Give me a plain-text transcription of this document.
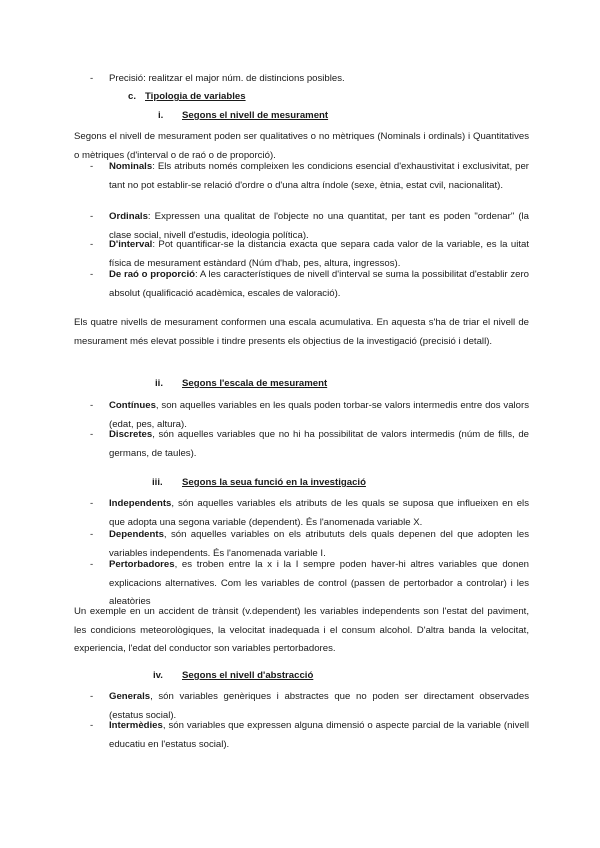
- Precisió: realitzar el major núm. de distincions posibles.
c. Tipologia de variables
i. Segons el nivell de mesurament
Segons el nivell de mesurament poden ser qualitatives o no mètriques (Nominals i ordinals) i Quantitatives o mètriques (d'interval o de raó o de proporció).
- Nominals: Els atributs només compleixen les condicions esencial d'exhaustivitat i exclusivitat, per tant no pot establir-se relació d'ordre o d'una altra índole (sexe, ètnia, estat cvil, nacionalitat).
- Ordinals: Expressen una qualitat de l'objecte no una quantitat, per tant es poden "ordenar" (la clase social, nivell d'estudis, ideologia política).
- D'interval: Pot quantificar-se la distancia exacta que separa cada valor de la variable, es la uitat física de mesurament estàndard (Núm d'hab, pes, altura, ingressos).
- De raó o proporció: A les característiques de nivell d'interval se suma la possibilitat d'establir zero absolut (qualificació acadèmica, escales de valoració).
Els quatre nivells de mesurament conformen una escala acumulativa. En aquesta s'ha de triar el nivell de mesurament més elevat possible i tindre presents els objectius de la investigació (precisió i detall).
ii. Segons l'escala de mesurament
- Contínues, son aquelles variables en les quals poden torbar-se valors intermedis entre dos valors (edat, pes, altura).
- Discretes, són aquelles variables que no hi ha possibilitat de valors intermedis (núm de fills, de germans, de taules).
iii. Segons la seua funció en la investigació
- Independents, són aquelles variables els atributs de les quals se suposa que influeixen en els que adopta una segona variable (dependent). És l'anomenada variable X.
- Dependents, són aquelles variables on els atribututs dels quals depenen del que adopten les variables independents. És l'anomenada variable I.
- Pertorbadores, es troben entre la x i la I sempre poden haver-hi altres variables que donen explicacions alternatives. Com les variables de control (passen de pertorbador a controlar) i les aleatòries
Un exemple en un accident de trànsit (v.dependent) les variables independents son l'estat del paviment, les condicions meteorològiques, la velocitat inadequada i el consum alcohol. D'altra banda la velocitat, experiencia, l'edat del conductor son variables pertorbadores.
iv. Segons el nivell d'abstracció
- Generals, són variables genèriques i abstractes que no poden ser directament observades (estatus social).
- Intermèdies, són variables que expressen alguna dimensió o aspecte parcial de la variable (nivell educatiu en l'estatus social).
